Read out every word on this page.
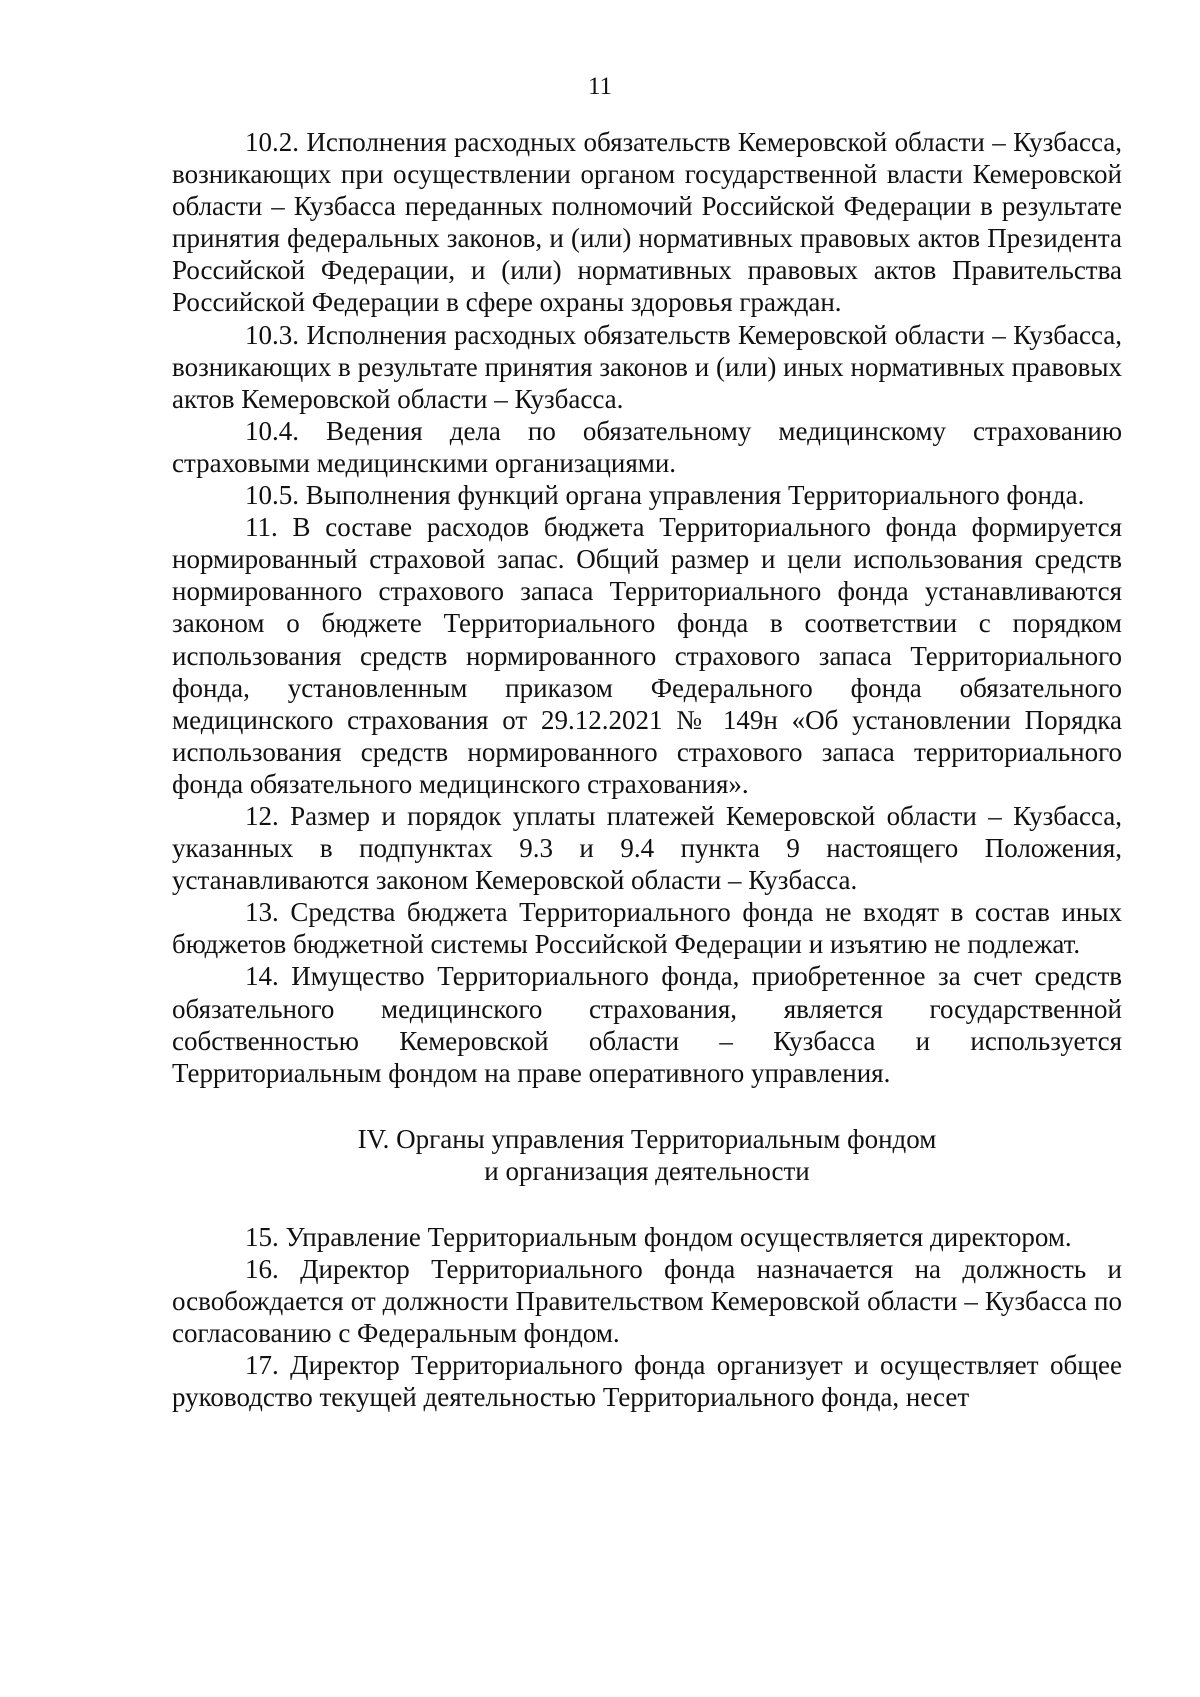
11

10.2. Исполнения расходных обязательств Кемеровской области – Кузбасса, возникающих при осуществлении органом государственной власти Кемеровской области – Кузбасса переданных полномочий Российской Федерации в результате принятия федеральных законов, и (или) нормативных правовых актов Президента Российской Федерации, и (или) нормативных правовых актов Правительства Российской Федерации в сфере охраны здоровья граждан.

10.3. Исполнения расходных обязательств Кемеровской области – Кузбасса, возникающих в результате принятия законов и (или) иных нормативных правовых актов Кемеровской области – Кузбасса.

10.4. Ведения дела по обязательному медицинскому страхованию страховыми медицинскими организациями.

10.5. Выполнения функций органа управления Территориального фонда.

11. В составе расходов бюджета Территориального фонда формируется нормированный страховой запас. Общий размер и цели использования средств нормированного страхового запаса Территориального фонда устанавливаются законом о бюджете Территориального фонда в соответствии с порядком использования средств нормированного страхового запаса Территориального фонда, установленным приказом Федерального фонда обязательного медицинского страхования от 29.12.2021 № 149н «Об установлении Порядка использования средств нормированного страхового запаса территориального фонда обязательного медицинского страхования».

12. Размер и порядок уплаты платежей Кемеровской области – Кузбасса, указанных в подпунктах 9.3 и 9.4 пункта 9 настоящего Положения, устанавливаются законом Кемеровской области – Кузбасса.

13. Средства бюджета Территориального фонда не входят в состав иных бюджетов бюджетной системы Российской Федерации и изъятию не подлежат.

14. Имущество Территориального фонда, приобретенное за счет средств обязательного медицинского страхования, является государственной собственностью Кемеровской области – Кузбасса и используется Территориальным фондом на праве оперативного управления.

IV. Органы управления Территориальным фондом
и организация деятельности

15. Управление Территориальным фондом осуществляется директором.

16. Директор Территориального фонда назначается на должность и освобождается от должности Правительством Кемеровской области – Кузбасса по согласованию с Федеральным фондом.

17. Директор Территориального фонда организует и осуществляет общее руководство текущей деятельностью Территориального фонда, несет
